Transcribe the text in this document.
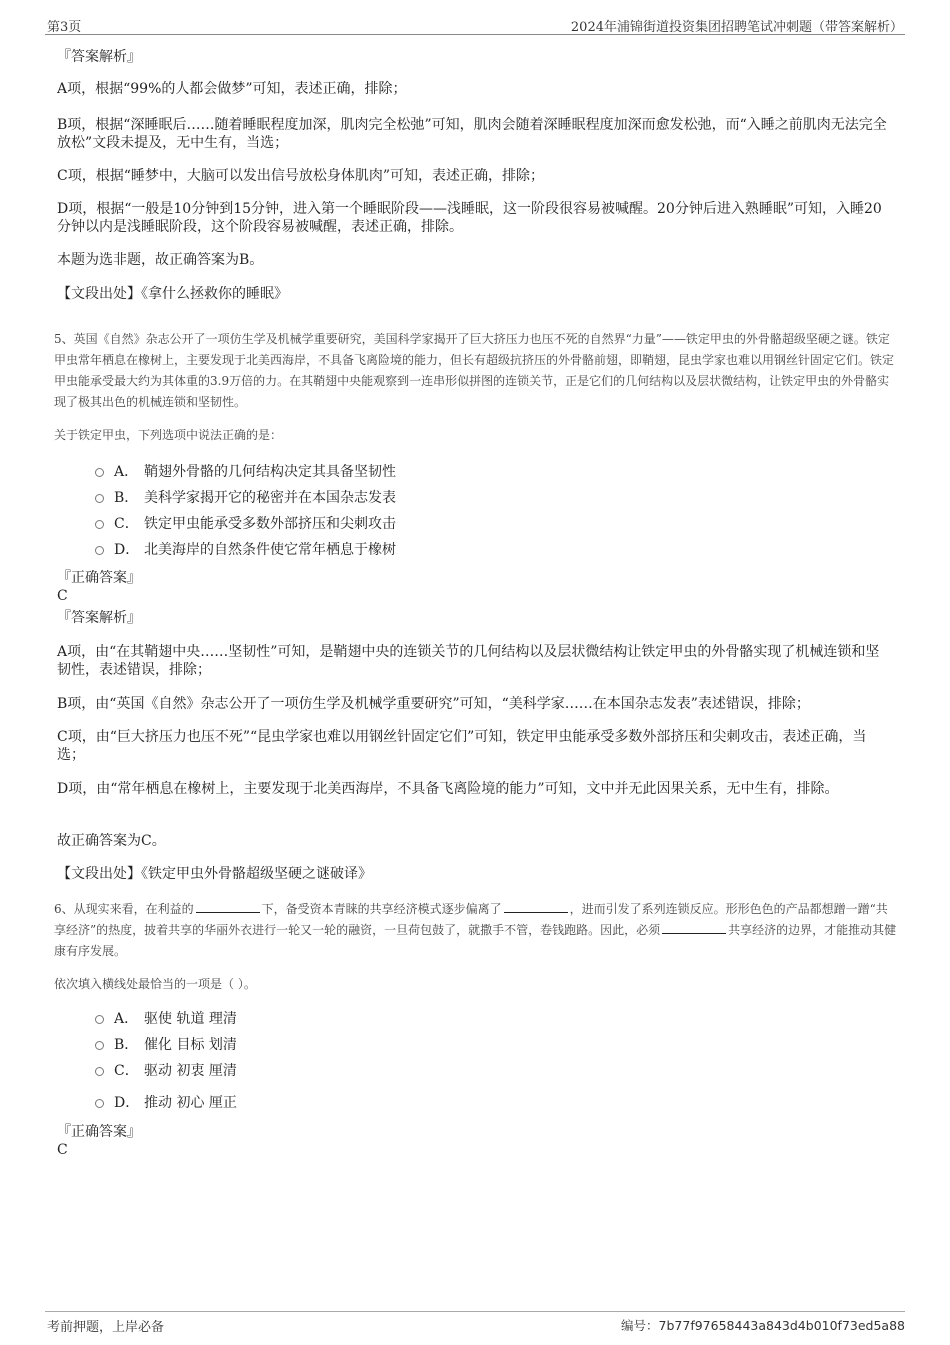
第3页	2024年浦锦街道投资集团招聘笔试冲刺题（带答案解析）
『答案解析』
A项，根据“99%的人都会做梦”可知，表述正确，排除；
B项，根据“深睡眠后……随着睡眠程度加深，肌肉完全松弛”可知，肌肉会随着深睡眠程度加深而愈发松弛，而“入睡之前肌肉无法完全放松”文段未提及，无中生有，当选；
C项，根据“睡梦中，大脑可以发出信号放松身体肌肉”可知，表述正确，排除；
D项，根据“一般是10分钟到15分钟，进入第一个睡眠阶段——浅睡眠，这一阶段很容易被喊醒。20分钟后进入熟睡眠”可知，入睡20分钟以内是浅睡眠阶段，这个阶段容易被喊醒，表述正确，排除。
本题为选非题，故正确答案为B。
【文段出处】《拿什么拯救你的睡眠》
5、英国《自然》杂志公开了一项仿生学及机械学重要研究，美国科学家揭开了巨大挤压力也压不死的自然界“力量”——铁定甲虫的外骨骼超级坚硬之谜。铁定甲虫常年栖息在橡树上，主要发现于北美西海岸，不具备飞离险境的能力，但长有超级抗挤压的外骨骼前翅，即鞘翅，昆虫学家也难以用钢丝针固定它们。铁定甲虫能承受最大约为其体重的3.9万倍的力。在其鞘翅中央能观察到一连串形似拼图的连锁关节，正是它们的几何结构以及层状微结构，让铁定甲虫的外骨骼实现了极其出色的机械连锁和坚韧性。
关于铁定甲虫，下列选项中说法正确的是：
A． 鞘翅外骨骼的几何结构决定其具备坚韧性
B． 美科学家揭开它的秘密并在本国杂志发表
C． 铁定甲虫能承受多数外部挤压和尖刺攻击
D． 北美海岸的自然条件使它常年栖息于橡树
『正确答案』
C
『答案解析』
A项，由“在其鞘翅中央……坚韧性”可知，是鞘翅中央的连锁关节的几何结构以及层状微结构让铁定甲虫的外骨骼实现了机械连锁和坚韧性，表述错误，排除；
B项，由“英国《自然》杂志公开了一项仿生学及机械学重要研究”可知，“美科学家……在本国杂志发表”表述错误，排除；
C项，由“巨大挤压力也压不死”“昆虫学家也难以用钢丝针固定它们”可知，铁定甲虫能承受多数外部挤压和尖刺攻击，表述正确，当选；
D项，由“常年栖息在橡树上，主要发现于北美西海岸，不具备飞离险境的能力”可知，文中并无此因果关系，无中生有，排除。
故正确答案为C。
【文段出处】《铁定甲虫外骨骼超级坚硬之谜破译》
6、从现实来看，在利益的	下，备受资本青睐的共享经济模式逐步偏离了	，进而引发了系列连锁反应。形形色色的产品都想蹭一蹭“共享经济”的热度，披着共享的华丽外衣进行一轮又一轮的融资，一旦荷包鼓了，就撒手不管，卷钱跑路。因此，必须	共享经济的边界，才能推动其健康有序发展。
依次填入横线处最恰当的一项是（ ）。
A． 驱使 轨道 理清
B． 催化 目标 划清
C． 驱动 初衷 厘清
D． 推动 初心 厘正
『正确答案』
C
考前押题，上岸必备	编号：7b77f97658443a843d4b010f73ed5a88
